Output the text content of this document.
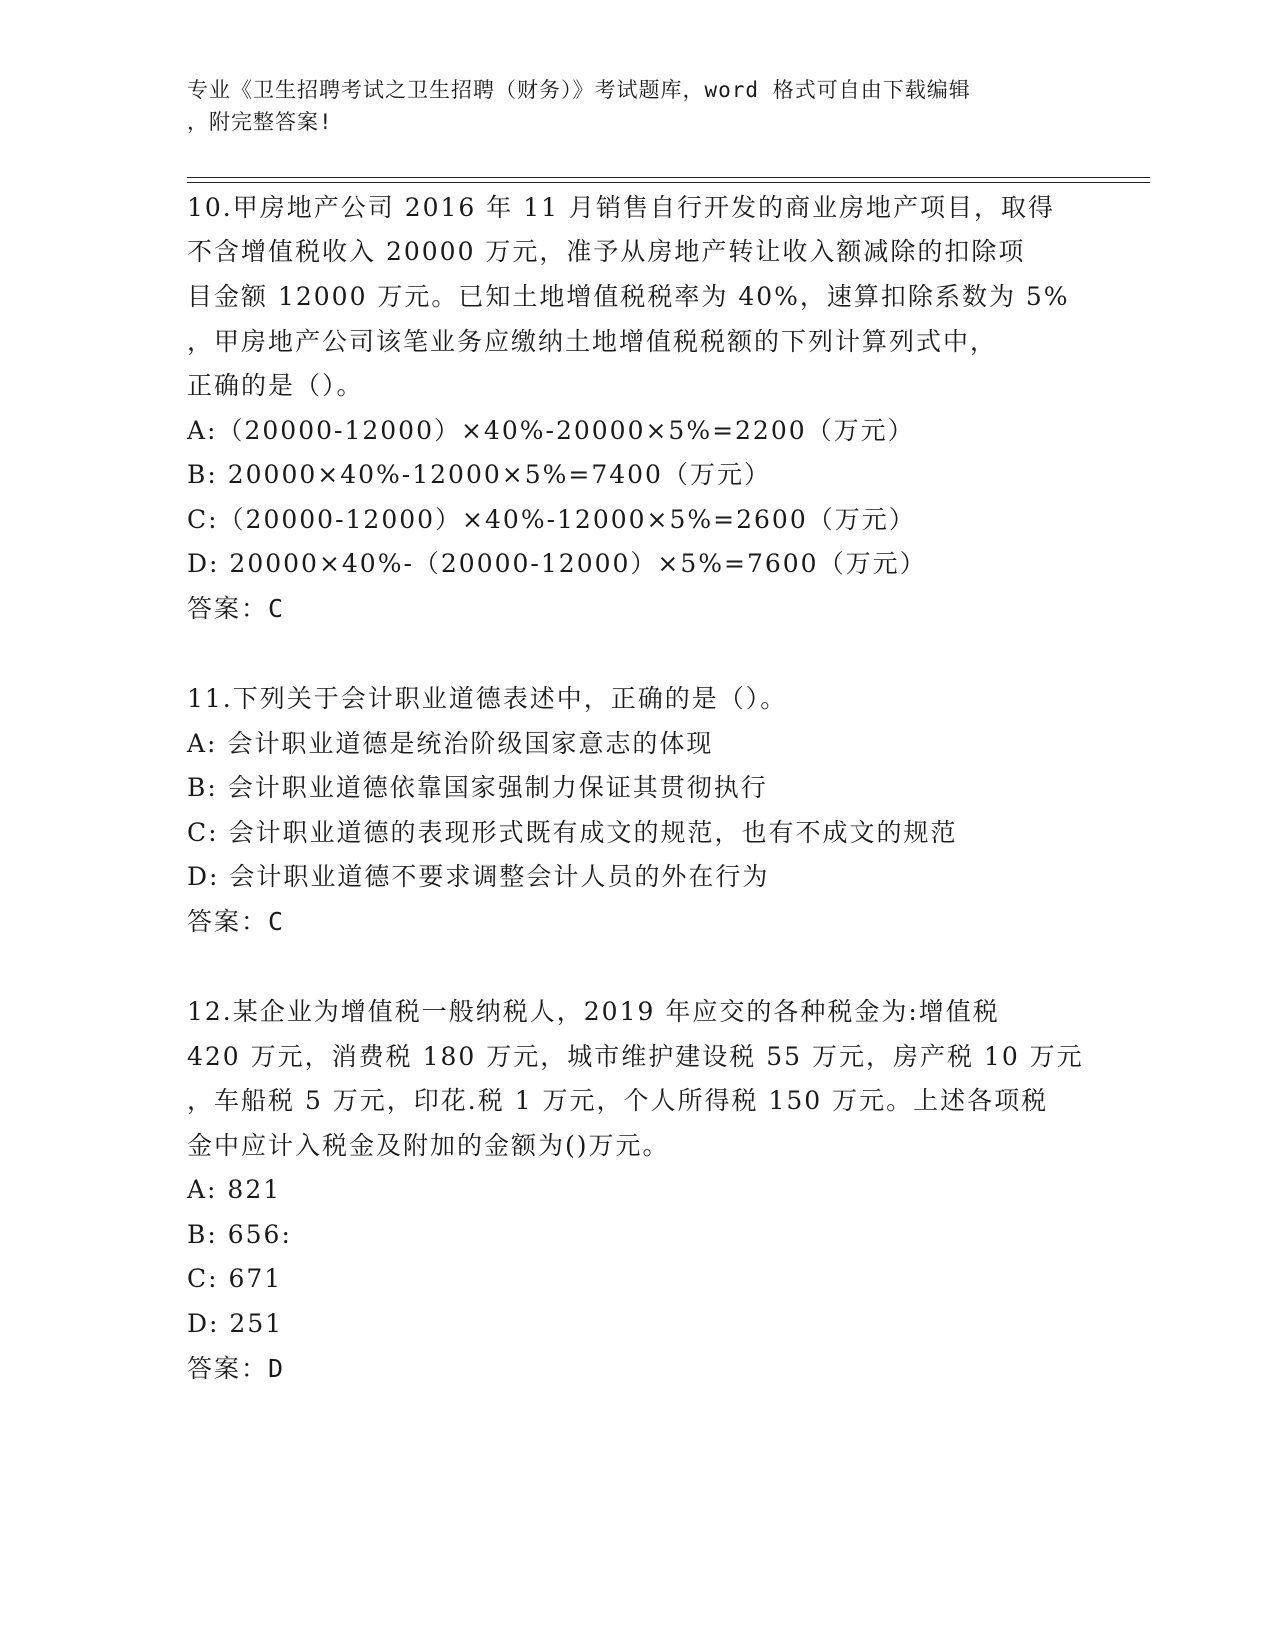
专业《卫生招聘考试之卫生招聘（财务）》考试题库，word 格式可自由下载编辑
，附完整答案!
10.甲房地产公司 2016 年 11 月销售自行开发的商业房地产项目，取得
不含增值税收入 20000 万元，准予从房地产转让收入额减除的扣除项
目金额 12000 万元。已知土地增值税税率为 40%，速算扣除系数为 5%
，甲房地产公司该笔业务应缴纳土地增值税税额的下列计算列式中，
正确的是（）。
A:（20000-12000）×40%-20000×5%=2200（万元）
B: 20000×40%-12000×5%=7400（万元）
C:（20000-12000）×40%-12000×5%=2600（万元）
D: 20000×40%-（20000-12000）×5%=7600（万元）
答案：C
11.下列关于会计职业道德表述中，正确的是（）。
A: 会计职业道德是统治阶级国家意志的体现
B: 会计职业道德依靠国家强制力保证其贯彻执行
C: 会计职业道德的表现形式既有成文的规范，也有不成文的规范
D: 会计职业道德不要求调整会计人员的外在行为
答案：C
12.某企业为增值税一般纳税人，2019 年应交的各种税金为:增值税
420 万元，消费税 180 万元，城市维护建设税 55 万元，房产税 10 万元
，车船税 5 万元，印花.税 1 万元，个人所得税 150 万元。上述各项税
金中应计入税金及附加的金额为()万元。
A: 821
B: 656:
C: 671
D: 251
答案：D
